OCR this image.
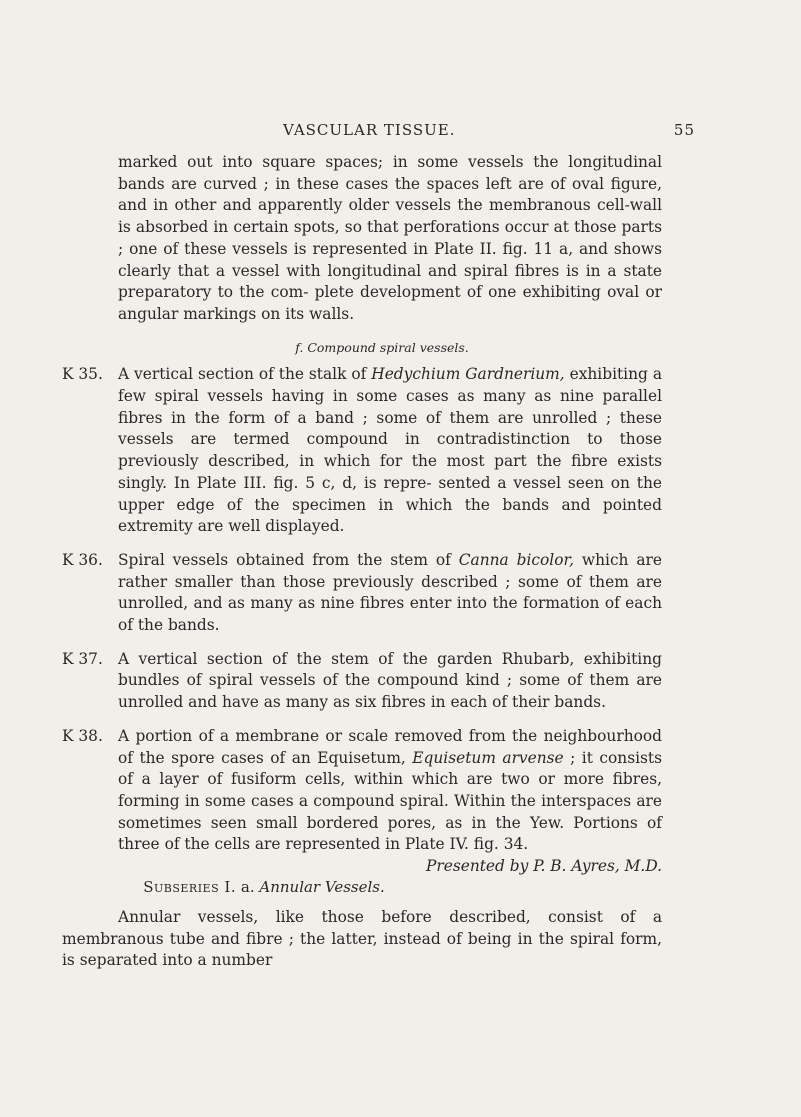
VASCULAR TISSUE.	55

marked out into square spaces; in some vessels the longitudinal bands are curved ; in these cases the spaces left are of oval figure, and in other and apparently older vessels the membranous cell-wall is absorbed in certain spots, so that perforations occur at those parts ; one of these vessels is represented in Plate II. fig. 11 a, and shows clearly that a vessel with longitudinal and spiral fibres is in a state preparatory to the com- plete development of one exhibiting oval or angular markings on its walls.

f. Compound spiral vessels.

K 35. A vertical section of the stalk of Hedychium Gardnerium, exhibiting a few spiral vessels having in some cases as many as nine parallel fibres in the form of a band ; some of them are unrolled ; these vessels are termed compound in contradistinction to those previously described, in which for the most part the fibre exists singly. In Plate III. fig. 5 c, d, is repre- sented a vessel seen on the upper edge of the specimen in which the bands and pointed extremity are well displayed.

K 36. Spiral vessels obtained from the stem of Canna bicolor, which are rather smaller than those previously described ; some of them are unrolled, and as many as nine fibres enter into the formation of each of the bands.

K 37. A vertical section of the stem of the garden Rhubarb, exhibiting bundles of spiral vessels of the compound kind ; some of them are unrolled and have as many as six fibres in each of their bands.

K 38. A portion of a membrane or scale removed from the neighbourhood of the spore cases of an Equisetum, Equisetum arvense ; it consists of a layer of fusiform cells, within which are two or more fibres, forming in some cases a compound spiral. Within the interspaces are sometimes seen small bordered pores, as in the Yew. Portions of three of the cells are represented in Plate IV. fig. 34.
Presented by P. B. Ayres, M.D.

Subseries I. a. Annular Vessels.

Annular vessels, like those before described, consist of a membranous tube and fibre ; the latter, instead of being in the spiral form, is separated into a number
